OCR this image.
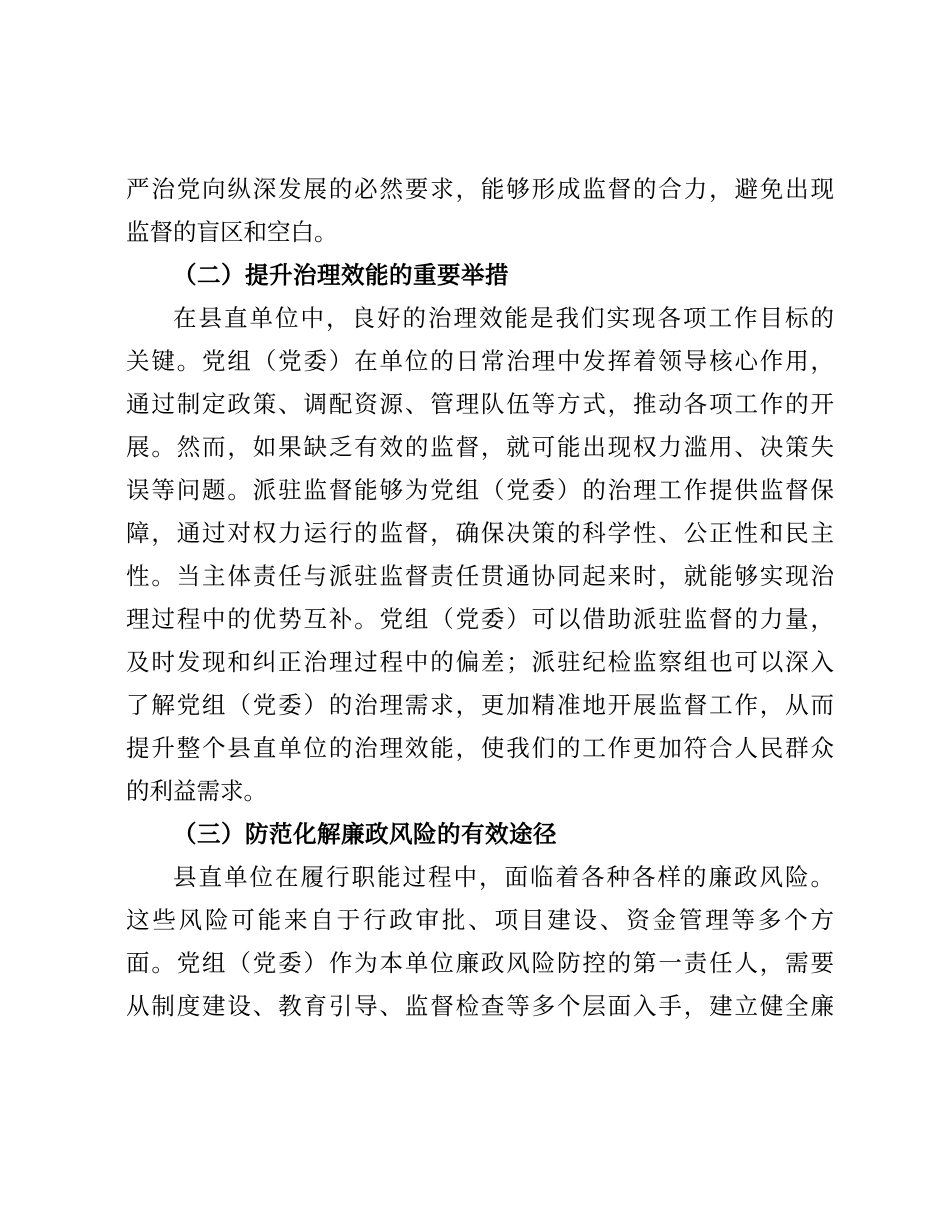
严治党向纵深发展的必然要求，能够形成监督的合力，避免出现
监督的盲区和空白。
（二）提升治理效能的重要举措
在县直单位中，良好的治理效能是我们实现各项工作目标的
关键。党组（党委）在单位的日常治理中发挥着领导核心作用，
通过制定政策、调配资源、管理队伍等方式，推动各项工作的开
展。然而，如果缺乏有效的监督，就可能出现权力滥用、决策失
误等问题。派驻监督能够为党组（党委）的治理工作提供监督保
障，通过对权力运行的监督，确保决策的科学性、公正性和民主
性。当主体责任与派驻监督责任贯通协同起来时，就能够实现治
理过程中的优势互补。党组（党委）可以借助派驻监督的力量，
及时发现和纠正治理过程中的偏差；派驻纪检监察组也可以深入
了解党组（党委）的治理需求，更加精准地开展监督工作，从而
提升整个县直单位的治理效能，使我们的工作更加符合人民群众
的利益需求。
（三）防范化解廉政风险的有效途径
县直单位在履行职能过程中，面临着各种各样的廉政风险。
这些风险可能来自于行政审批、项目建设、资金管理等多个方
面。党组（党委）作为本单位廉政风险防控的第一责任人，需要
从制度建设、教育引导、监督检查等多个层面入手，建立健全廉
